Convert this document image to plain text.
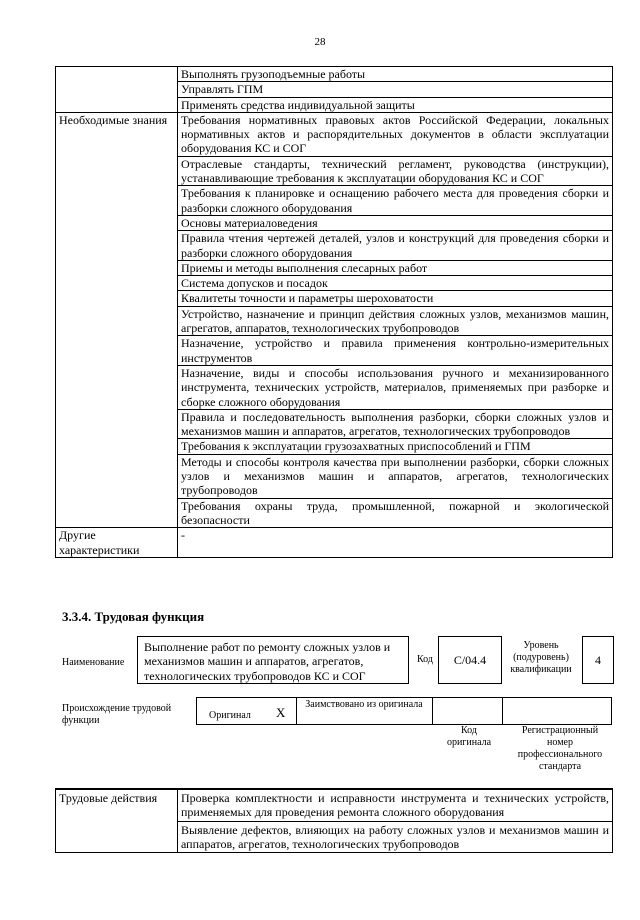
28
	Выполнять грузоподъемные работы
	Управлять ГПМ
	Применять средства индивидуальной защиты
Необходимые знания	Требования нормативных правовых актов Российской Федерации, локальных нормативных актов и распорядительных документов в области эксплуатации оборудования КС и СОГ
	Отраслевые стандарты, технический регламент, руководства (инструкции), устанавливающие требования к эксплуатации оборудования КС и СОГ
	Требования к планировке и оснащению рабочего места для проведения сборки и разборки сложного оборудования
	Основы материаловедения
	Правила чтения чертежей деталей, узлов и конструкций для проведения сборки и разборки сложного оборудования
	Приемы и методы выполнения слесарных работ
	Система допусков и посадок
	Квалитеты точности и параметры шероховатости
	Устройство, назначение и принцип действия сложных узлов, механизмов машин, агрегатов, аппаратов, технологических трубопроводов
	Назначение, устройство и правила применения контрольно-измерительных инструментов
	Назначение, виды и способы использования ручного и механизированного инструмента, технических устройств, материалов, применяемых при разборке и сборке сложного оборудования
	Правила и последовательность выполнения разборки, сборки сложных узлов и механизмов машин и аппаратов, агрегатов, технологических трубопроводов
	Требования к эксплуатации грузозахватных приспособлений и ГПМ
	Методы и способы контроля качества при выполнении разборки, сборки сложных узлов и механизмов машин и аппаратов, агрегатов, технологических трубопроводов
	Требования охраны труда, промышленной, пожарной и экологической безопасности
Другие характеристики	-
3.3.4. Трудовая функция
Наименование
Выполнение работ по ремонту сложных узлов и механизмов машин и аппаратов, агрегатов, технологических трубопроводов КС и СОГ
Код С/04.4
Уровень (подуровень) квалификации
4
Происхождение трудовой функции	Оригинал X
Заимствовано из оригинала
Код оригинала
Регистрационный номер профессионального стандарта
Трудовые действия	Проверка комплектности и исправности инструмента и технических устройств, применяемых для проведения ремонта сложного оборудования
Выявление дефектов, влияющих на работу сложных узлов и механизмов машин и аппаратов, агрегатов, технологических трубопроводов
